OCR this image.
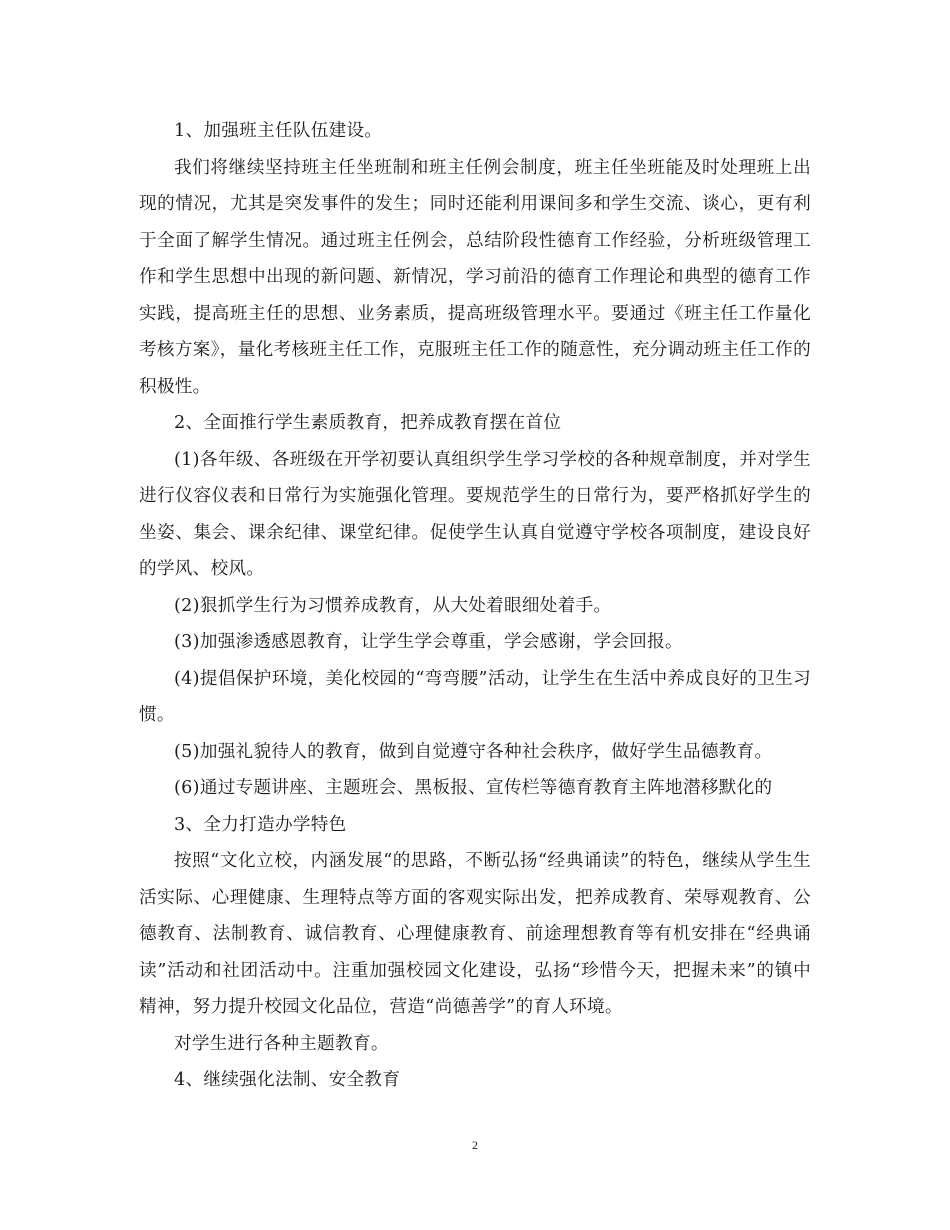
1、加强班主任队伍建设。

我们将继续坚持班主任坐班制和班主任例会制度，班主任坐班能及时处理班上出现的情况，尤其是突发事件的发生；同时还能利用课间多和学生交流、谈心，更有利于全面了解学生情况。通过班主任例会，总结阶段性德育工作经验，分析班级管理工作和学生思想中出现的新问题、新情况，学习前沿的德育工作理论和典型的德育工作实践，提高班主任的思想、业务素质，提高班级管理水平。要通过《班主任工作量化考核方案》，量化考核班主任工作，克服班主任工作的随意性，充分调动班主任工作的积极性。

2、全面推行学生素质教育，把养成教育摆在首位

(1)各年级、各班级在开学初要认真组织学生学习学校的各种规章制度，并对学生进行仪容仪表和日常行为实施强化管理。要规范学生的日常行为，要严格抓好学生的坐姿、集会、课余纪律、课堂纪律。促使学生认真自觉遵守学校各项制度，建设良好的学风、校风。

(2)狠抓学生行为习惯养成教育，从大处着眼细处着手。

(3)加强渗透感恩教育，让学生学会尊重，学会感谢，学会回报。

(4)提倡保护环境，美化校园的“弯弯腰”活动，让学生在生活中养成良好的卫生习惯。

(5)加强礼貌待人的教育，做到自觉遵守各种社会秩序，做好学生品德教育。

(6)通过专题讲座、主题班会、黑板报、宣传栏等德育教育主阵地潜移默化的

3、全力打造办学特色

按照“文化立校，内涵发展“的思路，不断弘扬“经典诵读”的特色，继续从学生生活实际、心理健康、生理特点等方面的客观实际出发，把养成教育、荣辱观教育、公德教育、法制教育、诚信教育、心理健康教育、前途理想教育等有机安排在“经典诵读”活动和社团活动中。注重加强校园文化建设，弘扬“珍惜今天，把握未来”的镇中精神，努力提升校园文化品位，营造“尚德善学”的育人环境。

对学生进行各种主题教育。

4、继续强化法制、安全教育

2
